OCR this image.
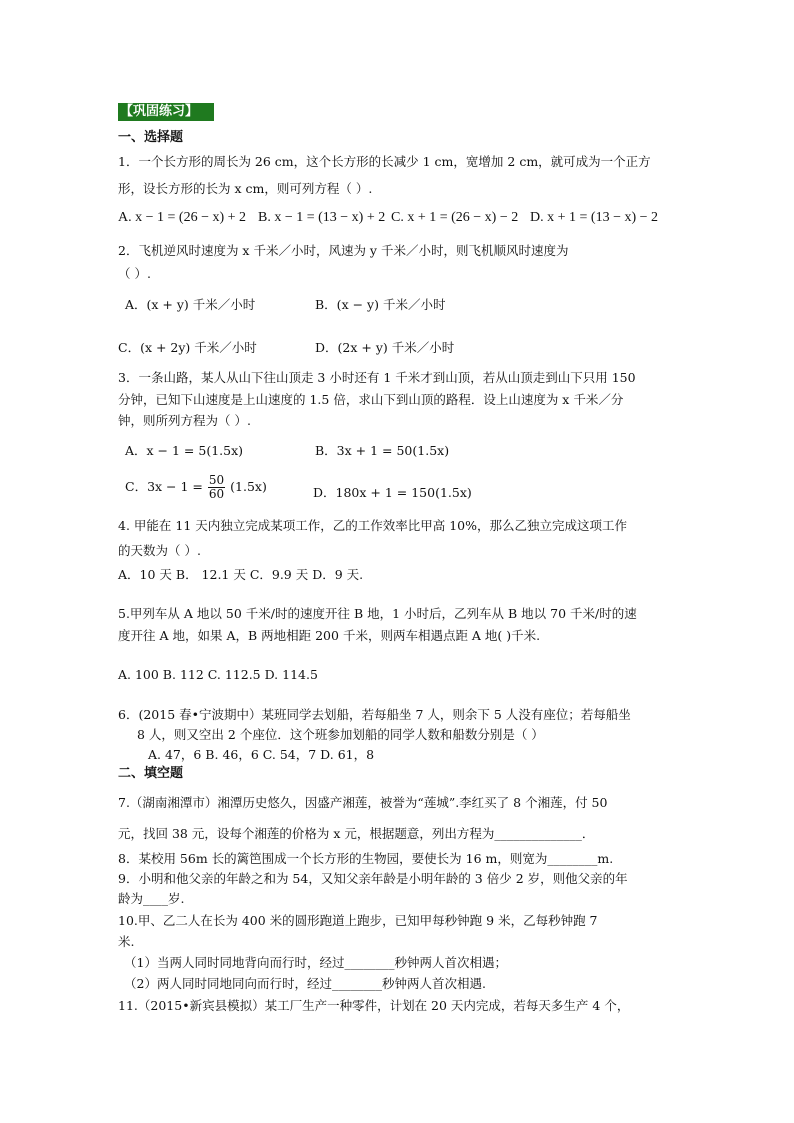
【巩固练习】
一、选择题
1．一个长方形的周长为 26 cm，这个长方形的长减少 1 cm，宽增加 2 cm，就可成为一个正方
形，设长方形的长为 x cm，则可列方程（ ）.
A. x − 1 = (26 − x) + 2 B. x − 1 = (13 − x) + 2 C. x + 1 = (26 − x) − 2 D. x + 1 = (13 − x) − 2
2．飞机逆风时速度为 x 千米／小时，风速为 y 千米／小时，则飞机顺风时速度为
（ ）.
A．(x + y) 千米／小时	B．(x − y) 千米／小时
C．(x + 2y) 千米／小时	D．(2x + y) 千米／小时
3．一条山路，某人从山下往山顶走 3 小时还有 1 千米才到山顶，若从山顶走到山下只用 150
分钟，已知下山速度是上山速度的 1.5 倍，求山下到山顶的路程．设上山速度为 x 千米／分
钟，则所列方程为（ ）.
A．x − 1 = 5(1.5x)	B．3x + 1 = 50(1.5x)
C．$3x - 1 = \frac{50}{60} (1.5x)$	D．180x + 1 = 150(1.5x)
4. 甲能在 11 天内独立完成某项工作，乙的工作效率比甲高 10%，那么乙独立完成这项工作
的天数为（ ）.
A．10 天 B． 12.1 天 C．9.9 天 D．9 天.
5.甲列车从 A 地以 50 千米/时的速度开往 B 地，1 小时后，乙列车从 B 地以 70 千米/时的速
度开往 A 地，如果 A，B 两地相距 200 千米，则两车相遇点距 A 地( )千米.
A. 100 B. 112 C. 112.5 D. 114.5
6．(2015 春•宁波期中）某班同学去划船，若每船坐 7 人，则余下 5 人没有座位；若每船坐
8 人，则又空出 2 个座位．这个班参加划船的同学人数和船数分别是（ ）
A. 47，6 B. 46，6 C. 54，7 D. 61，8
二、填空题
7.（湖南湘潭市）湘潭历史悠久，因盛产湘莲，被誉为“莲城”.李红买了 8 个湘莲，付 50
元，找回 38 元，设每个湘莲的价格为 x 元，根据题意，列出方程为______________．
8．某校用 56m 长的篱笆围成一个长方形的生物园，要使长为 16 m，则宽为________m.
9．小明和他父亲的年龄之和为 54，又知父亲年龄是小明年龄的 3 倍少 2 岁，则他父亲的年
龄为____岁.
10.甲、乙二人在长为 400 米的圆形跑道上跑步，已知甲每秒钟跑 9 米，乙每秒钟跑 7
米.
（1）当两人同时同地背向而行时，经过________秒钟两人首次相遇；
（2）两人同时同地同向而行时，经过________秒钟两人首次相遇.
11.（2015•新宾县模拟）某工厂生产一种零件，计划在 20 天内完成，若每天多生产 4 个，
